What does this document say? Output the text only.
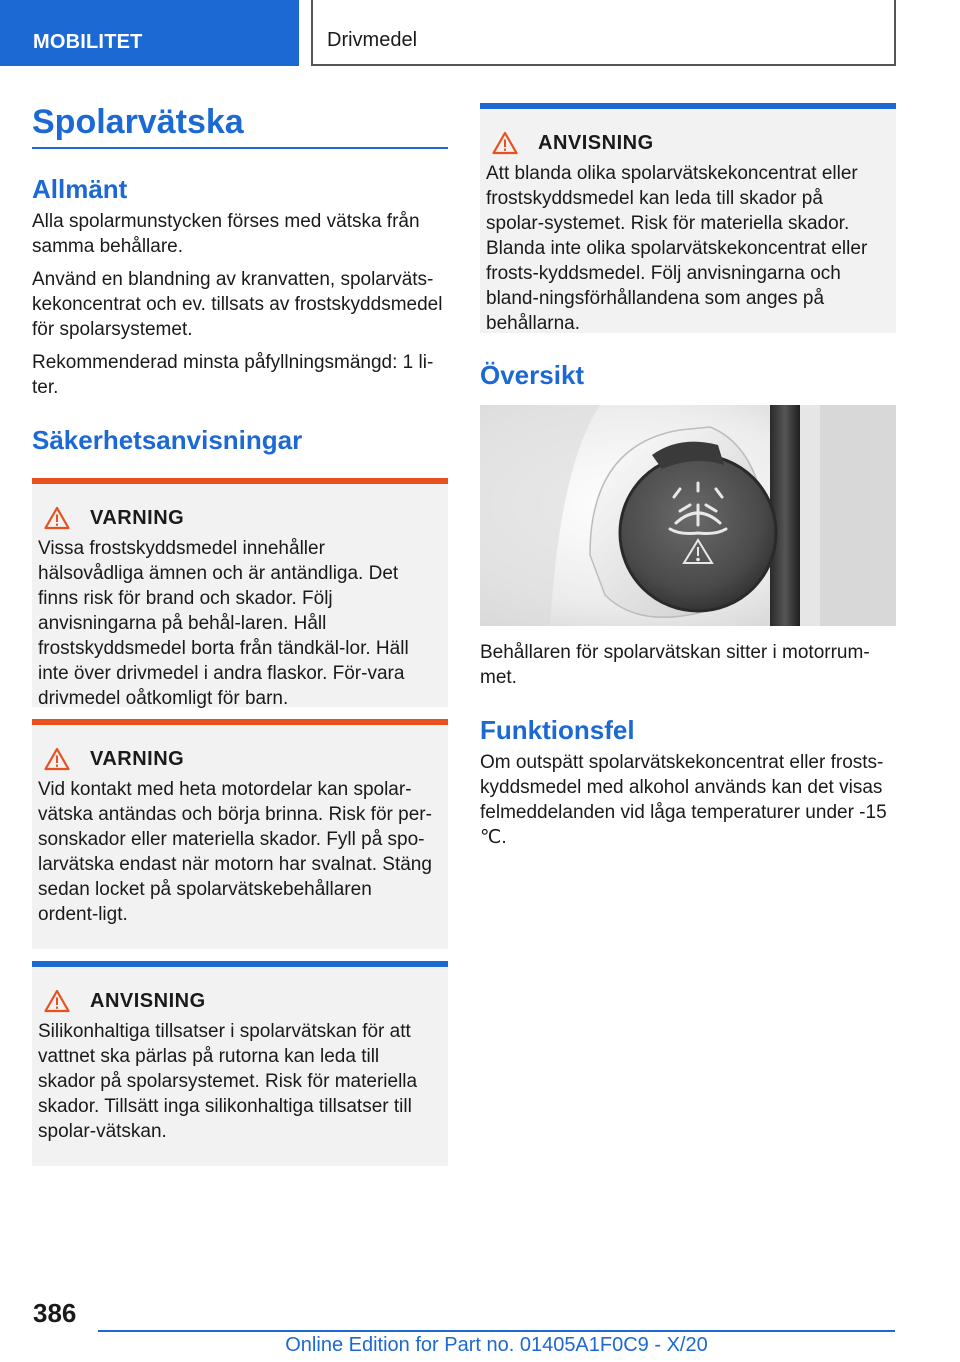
MOBILITET	Drivmedel
Spolarvätska
Allmänt

Alla spolarmunstycken förses med vätska från samma behållare.

Använd en blandning av kranvatten, spolarväts-kekoncentrat och ev. tillsats av frostskyddsmedel för spolarsystemet.

Rekommenderad minsta påfyllningsmängd: 1 li-ter.

Säkerhetsanvisningar
VARNING

Vissa frostskyddsmedel innehåller hälsovådliga ämnen och är antändliga. Det finns risk för brand och skador. Följ anvisningarna på behål-laren. Håll frostskyddsmedel borta från tändkäl-lor. Häll inte över drivmedel i andra flaskor. För-vara drivmedel oåtkomligt för barn.

VARNING

Vid kontakt med heta motordelar kan spolar-vätska antändas och börja brinna. Risk för per-sonskador eller materiella skador. Fyll på spo-larvätska endast när motorn har svalnat. Stäng sedan locket på spolarvätskebehållaren ordent-ligt.

ANVISNING

Silikonhaltiga tillsatser i spolarvätskan för att vattnet ska pärlas på rutorna kan leda till skador på spolarsystemet. Risk för materiella skador. Tillsätt inga silikonhaltiga tillsatser till spolar-vätskan.

ANVISNING

Att blanda olika spolarvätskekoncentrat eller frostskyddsmedel kan leda till skador på spolar-systemet. Risk för materiella skador. Blanda inte olika spolarvätskekoncentrat eller frosts-kyddsmedel. Följ anvisningarna och bland-ningsförhållandena som anges på behållarna.

Översikt

Behållaren för spolarvätskan sitter i motorrum-met.

Funktionsfel

Om outspätt spolarvätskekoncentrat eller frosts-kyddsmedel med alkohol används kan det visas felmeddelanden vid låga temperaturer under -15 ℃.

386
Online Edition for Part no. 01405A1F0C9 - X/20
